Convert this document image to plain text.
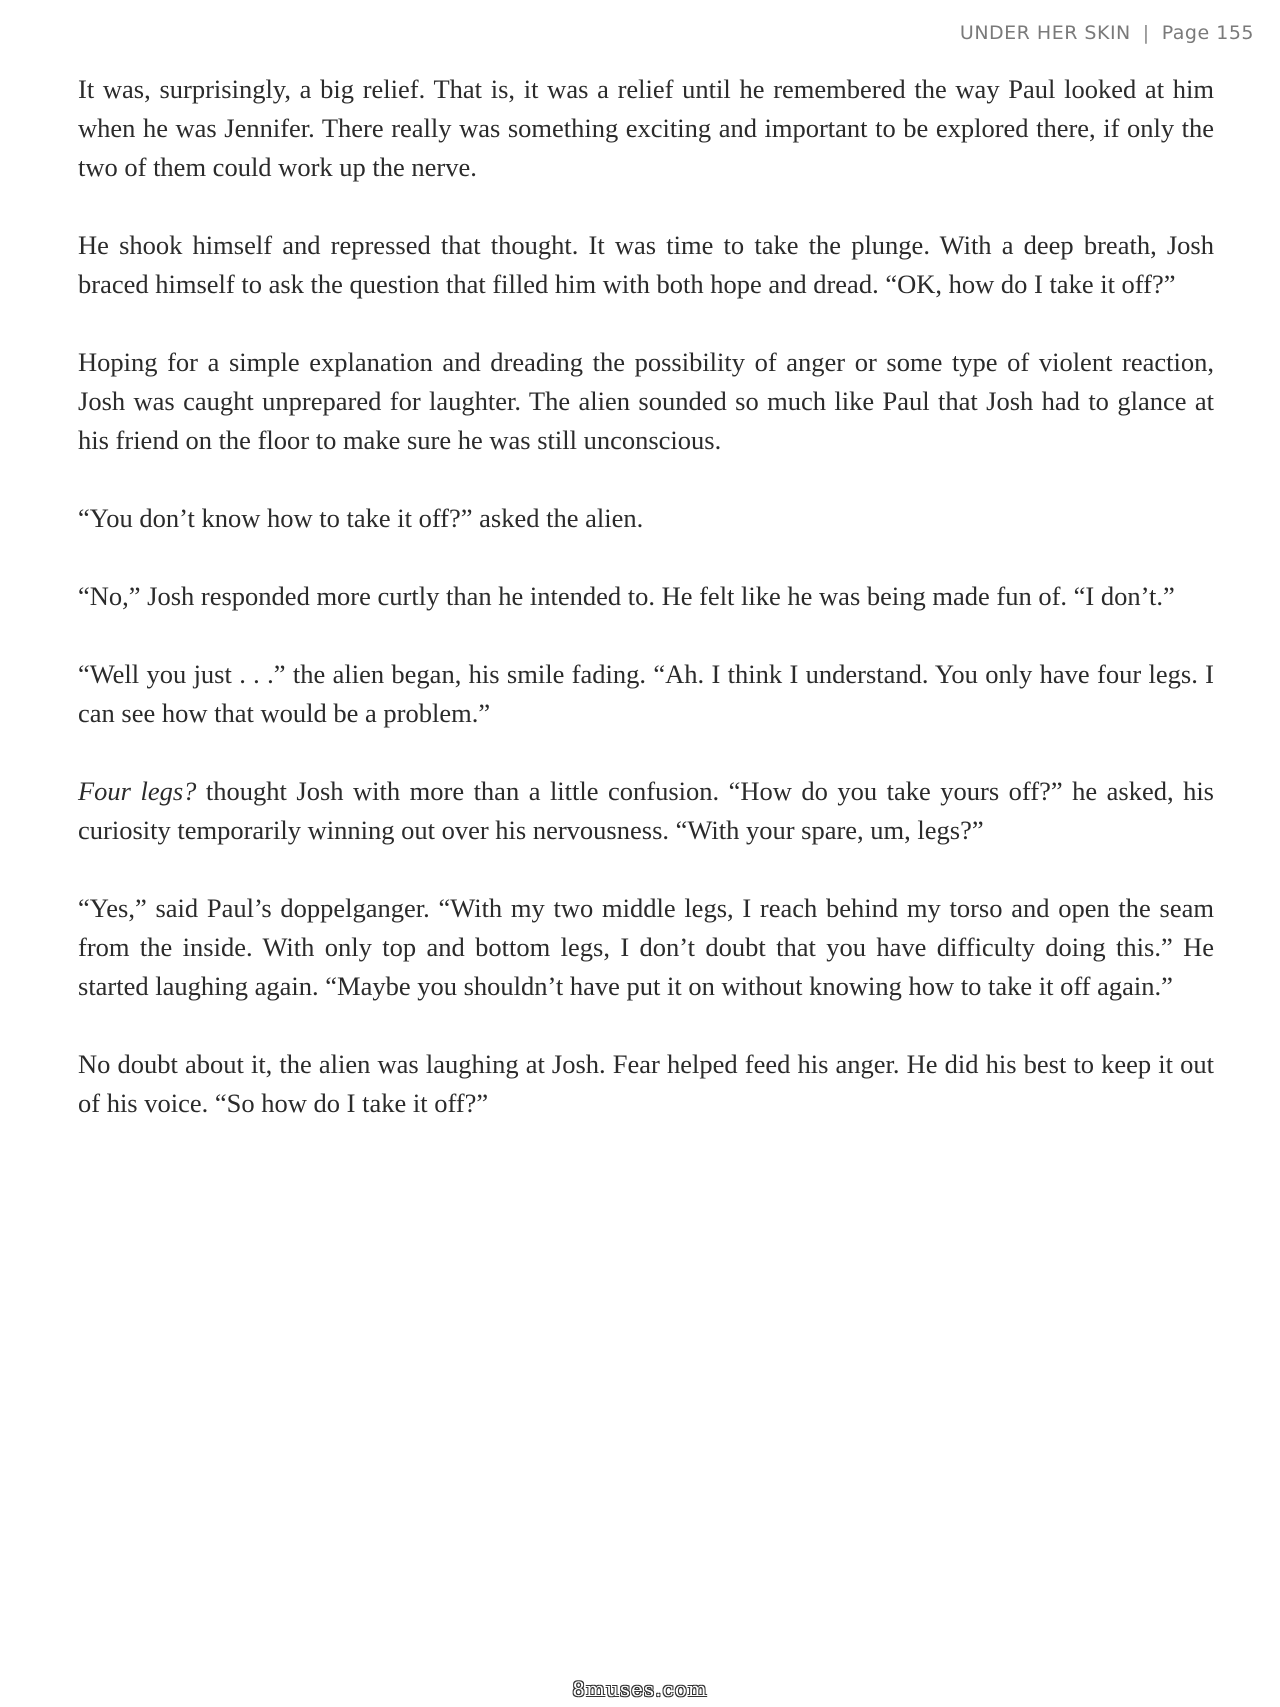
UNDER HER SKIN | Page 155

It was, surprisingly, a big relief. That is, it was a relief until he remembered the way Paul looked at him when he was Jennifer. There really was something exciting and important to be explored there, if only the two of them could work up the nerve.

He shook himself and repressed that thought. It was time to take the plunge. With a deep breath, Josh braced himself to ask the question that filled him with both hope and dread. “OK, how do I take it off?”

Hoping for a simple explanation and dreading the possibility of anger or some type of violent reaction, Josh was caught unprepared for laughter. The alien sounded so much like Paul that Josh had to glance at his friend on the floor to make sure he was still unconscious.

“You don’t know how to take it off?” asked the alien.

“No,” Josh responded more curtly than he intended to. He felt like he was being made fun of. “I don’t.”

“Well you just . . .” the alien began, his smile fading. “Ah. I think I understand. You only have four legs. I can see how that would be a problem.”

Four legs? thought Josh with more than a little confusion. “How do you take yours off?” he asked, his curiosity temporarily winning out over his nervousness. “With your spare, um, legs?”

“Yes,” said Paul’s doppelganger. “With my two middle legs, I reach behind my torso and open the seam from the inside. With only top and bottom legs, I don’t doubt that you have difficulty doing this.” He started laughing again. “Maybe you shouldn’t have put it on without knowing how to take it off again.”

No doubt about it, the alien was laughing at Josh. Fear helped feed his anger. He did his best to keep it out of his voice. “So how do I take it off?”

8muses.com
